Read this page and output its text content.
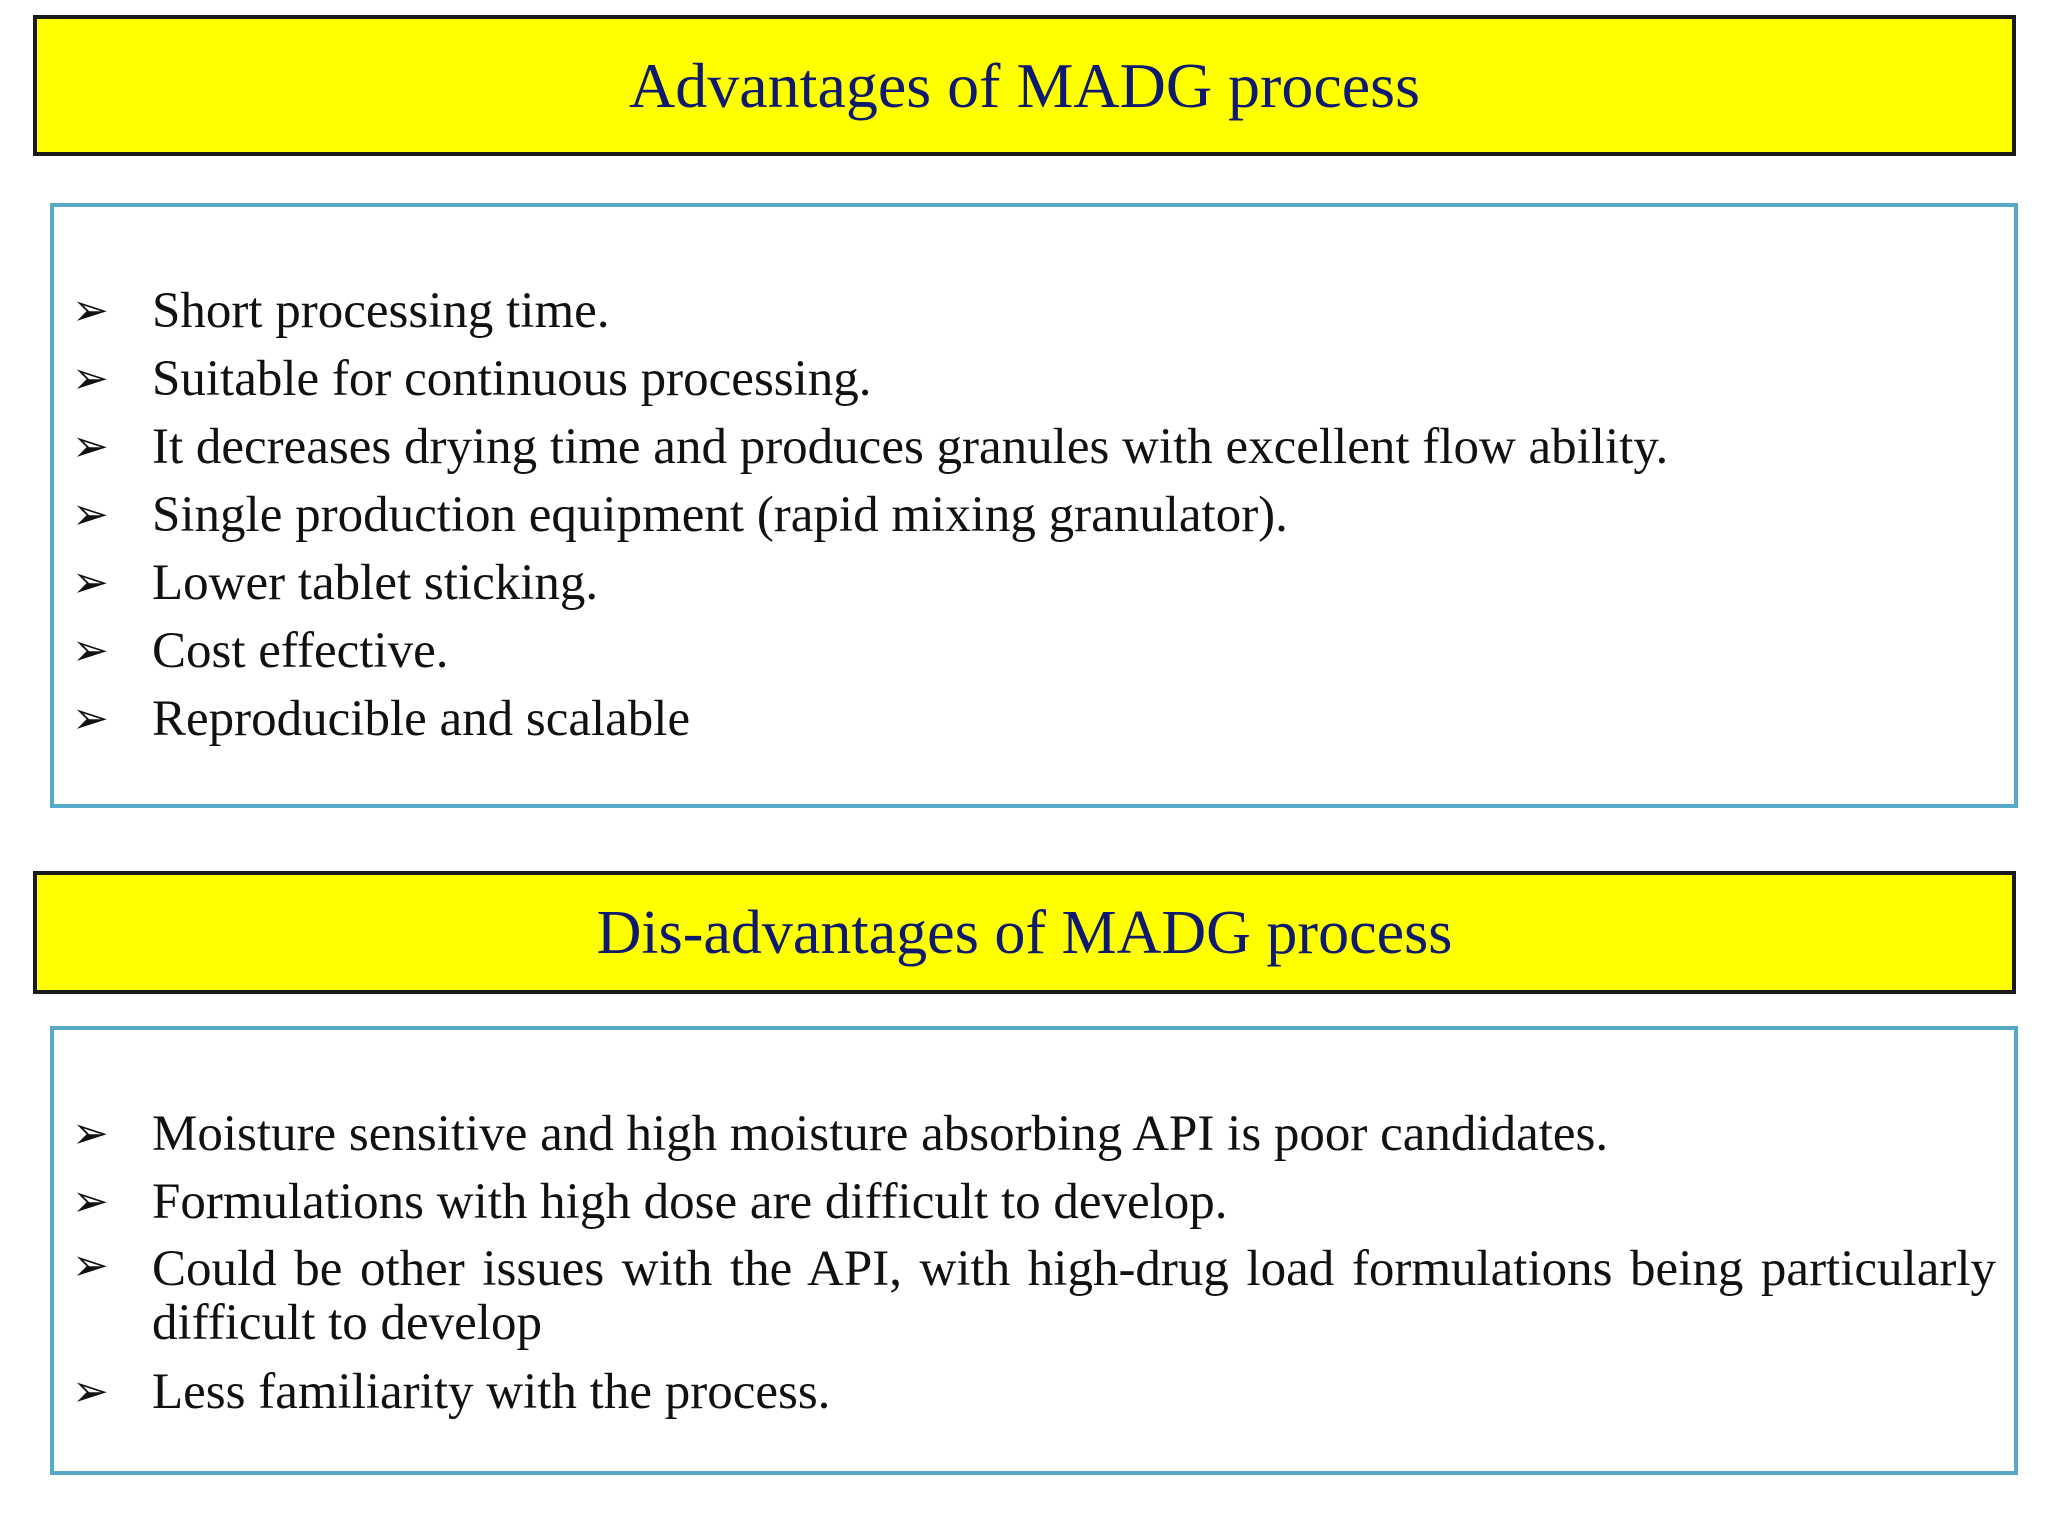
Advantages of MADG process
➢ Short processing time.
➢ Suitable for continuous processing.
➢ It decreases drying time and produces granules with excellent flow ability.
➢ Single production equipment (rapid mixing granulator).
➢ Lower tablet sticking.
➢ Cost effective.
➢ Reproducible and scalable
Dis-advantages of MADG process
➢ Moisture sensitive and high moisture absorbing API is poor candidates.
➢ Formulations with high dose are difficult to develop.
➢ Could be other issues with the API, with high-drug load formulations being particularly difficult to develop
➢ Less familiarity with the process.
